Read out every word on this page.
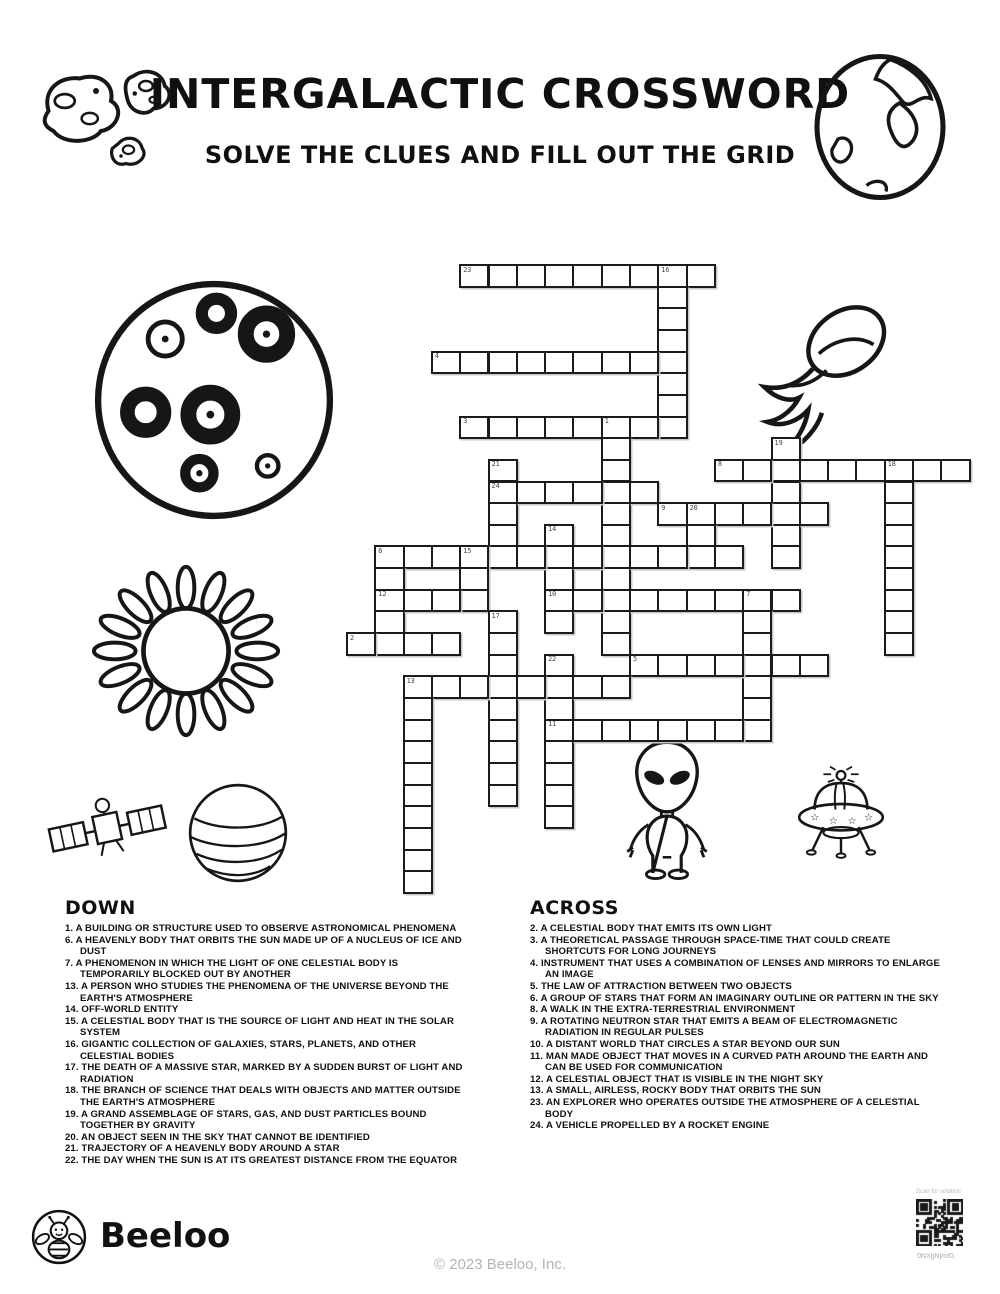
INTERGALACTIC CROSSWORD
SOLVE THE CLUES AND FILL OUT THE GRID
☆ ☆ ☆ ☆
23	16
4
3	1
19
8	18
21
24
9	20
14
10
6	15
12	7
17
2
5
22
11
13
DOWN
1. A BUILDING OR STRUCTURE USED TO OBSERVE ASTRONOMICAL PHENOMENA
6. A HEAVENLY BODY THAT ORBITS THE SUN MADE UP OF A NUCLEUS OF ICE AND DUST
7. A PHENOMENON IN WHICH THE LIGHT OF ONE CELESTIAL BODY IS TEMPORARILY BLOCKED OUT BY ANOTHER
13. A PERSON WHO STUDIES THE PHENOMENA OF THE UNIVERSE BEYOND THE EARTH'S ATMOSPHERE
14. OFF-WORLD ENTITY
15. A CELESTIAL BODY THAT IS THE SOURCE OF LIGHT AND HEAT IN THE SOLAR SYSTEM
16. GIGANTIC COLLECTION OF GALAXIES, STARS, PLANETS, AND OTHER CELESTIAL BODIES
17. THE DEATH OF A MASSIVE STAR, MARKED BY A SUDDEN BURST OF LIGHT AND RADIATION
18. THE BRANCH OF SCIENCE THAT DEALS WITH OBJECTS AND MATTER OUTSIDE THE EARTH'S ATMOSPHERE
19. A GRAND ASSEMBLAGE OF STARS, GAS, AND DUST PARTICLES BOUND TOGETHER BY GRAVITY
20. AN OBJECT SEEN IN THE SKY THAT CANNOT BE IDENTIFIED
21. TRAJECTORY OF A HEAVENLY BODY AROUND A STAR
22. THE DAY WHEN THE SUN IS AT ITS GREATEST DISTANCE FROM THE EQUATOR
ACROSS
2. A CELESTIAL BODY THAT EMITS ITS OWN LIGHT
3. A THEORETICAL PASSAGE THROUGH SPACE-TIME THAT COULD CREATE SHORTCUTS FOR LONG JOURNEYS
4. INSTRUMENT THAT USES A COMBINATION OF LENSES AND MIRRORS TO ENLARGE AN IMAGE
5. THE LAW OF ATTRACTION BETWEEN TWO OBJECTS
6. A GROUP OF STARS THAT FORM AN IMAGINARY OUTLINE OR PATTERN IN THE SKY
8. A WALK IN THE EXTRA-TERRESTRIAL ENVIRONMENT
9. A ROTATING NEUTRON STAR THAT EMITS A BEAM OF ELECTROMAGNETIC RADIATION IN REGULAR PULSES
10. A DISTANT WORLD THAT CIRCLES A STAR BEYOND OUR SUN
11. MAN MADE OBJECT THAT MOVES IN A CURVED PATH AROUND THE EARTH AND CAN BE USED FOR COMMUNICATION
12. A CELESTIAL OBJECT THAT IS VISIBLE IN THE NIGHT SKY
13. A SMALL, AIRLESS, ROCKY BODY THAT ORBITS THE SUN
23. AN EXPLORER WHO OPERATES OUTSIDE THE ATMOSPHERE OF A CELESTIAL BODY
24. A VEHICLE PROPELLED BY A ROCKET ENGINE
Beeloo
© 2023 Beeloo, Inc.
Scan for solution
0NXgNjmIG
